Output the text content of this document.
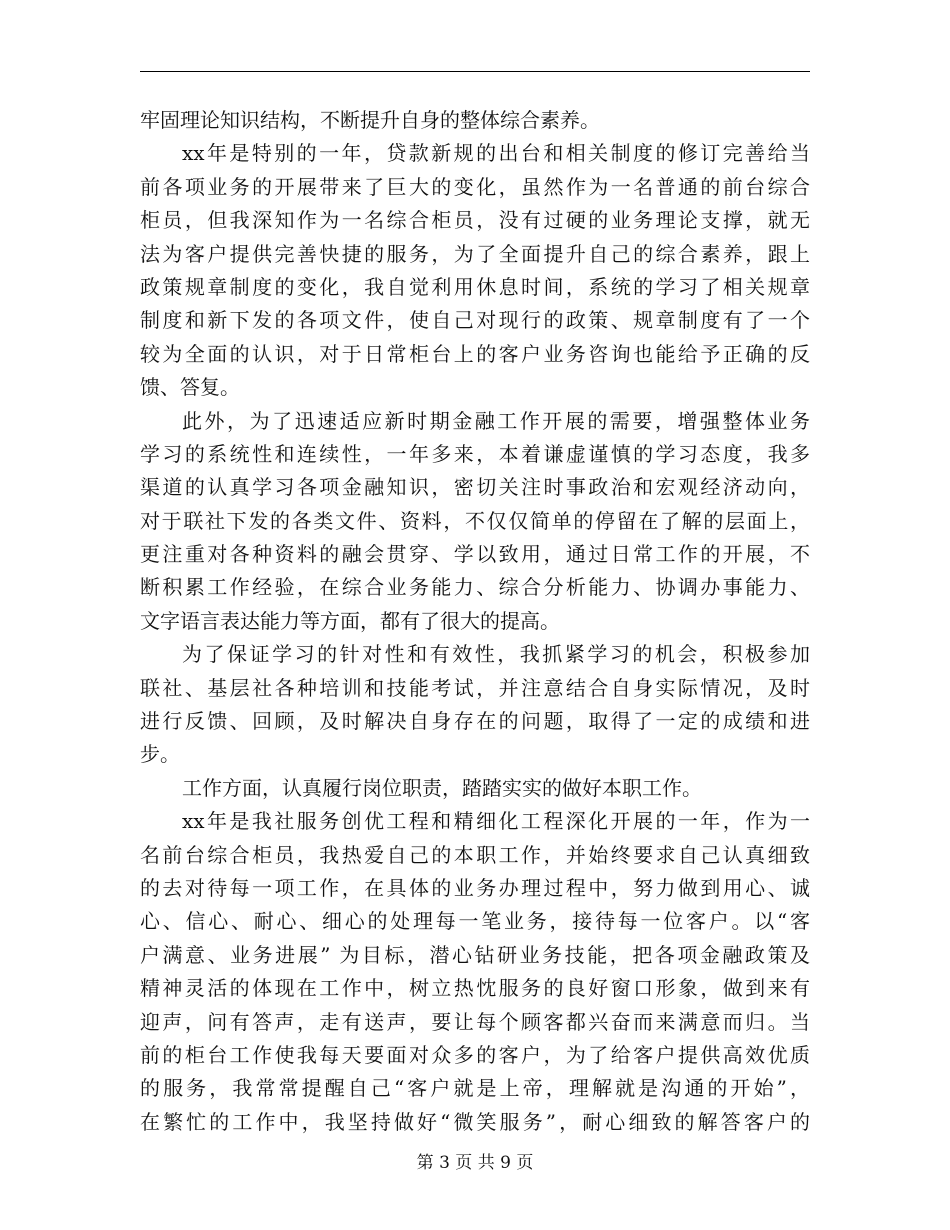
牢固理论知识结构，不断提升自身的整体综合素养。
xx年是特别的一年，贷款新规的出台和相关制度的修订完善给当
前各项业务的开展带来了巨大的变化，虽然作为一名普通的前台综合
柜员，但我深知作为一名综合柜员，没有过硬的业务理论支撑，就无
法为客户提供完善快捷的服务，为了全面提升自己的综合素养，跟上
政策规章制度的变化，我自觉利用休息时间，系统的学习了相关规章
制度和新下发的各项文件，使自己对现行的政策、规章制度有了一个
较为全面的认识，对于日常柜台上的客户业务咨询也能给予正确的反
馈、答复。
此外，为了迅速适应新时期金融工作开展的需要，增强整体业务
学习的系统性和连续性，一年多来，本着谦虚谨慎的学习态度，我多
渠道的认真学习各项金融知识，密切关注时事政治和宏观经济动向，
对于联社下发的各类文件、资料，不仅仅简单的停留在了解的层面上，
更注重对各种资料的融会贯穿、学以致用，通过日常工作的开展，不
断积累工作经验，在综合业务能力、综合分析能力、协调办事能力、
文字语言表达能力等方面，都有了很大的提高。
为了保证学习的针对性和有效性，我抓紧学习的机会，积极参加
联社、基层社各种培训和技能考试，并注意结合自身实际情况，及时
进行反馈、回顾，及时解决自身存在的问题，取得了一定的成绩和进
步。
工作方面，认真履行岗位职责，踏踏实实的做好本职工作。
xx年是我社服务创优工程和精细化工程深化开展的一年，作为一
名前台综合柜员，我热爱自己的本职工作，并始终要求自己认真细致
的去对待每一项工作，在具体的业务办理过程中，努力做到用心、诚
心、信心、耐心、细心的处理每一笔业务，接待每一位客户。以“客
户满意、业务进展” 为目标，潜心钻研业务技能，把各项金融政策及
精神灵活的体现在工作中，树立热忱服务的良好窗口形象，做到来有
迎声，问有答声，走有送声，要让每个顾客都兴奋而来满意而归。当
前的柜台工作使我每天要面对众多的客户，为了给客户提供高效优质
的服务，我常常提醒自己“客户就是上帝，理解就是沟通的开始”，
在繁忙的工作中，我坚持做好“微笑服务”，耐心细致的解答客户的
第 3 页 共 9 页
